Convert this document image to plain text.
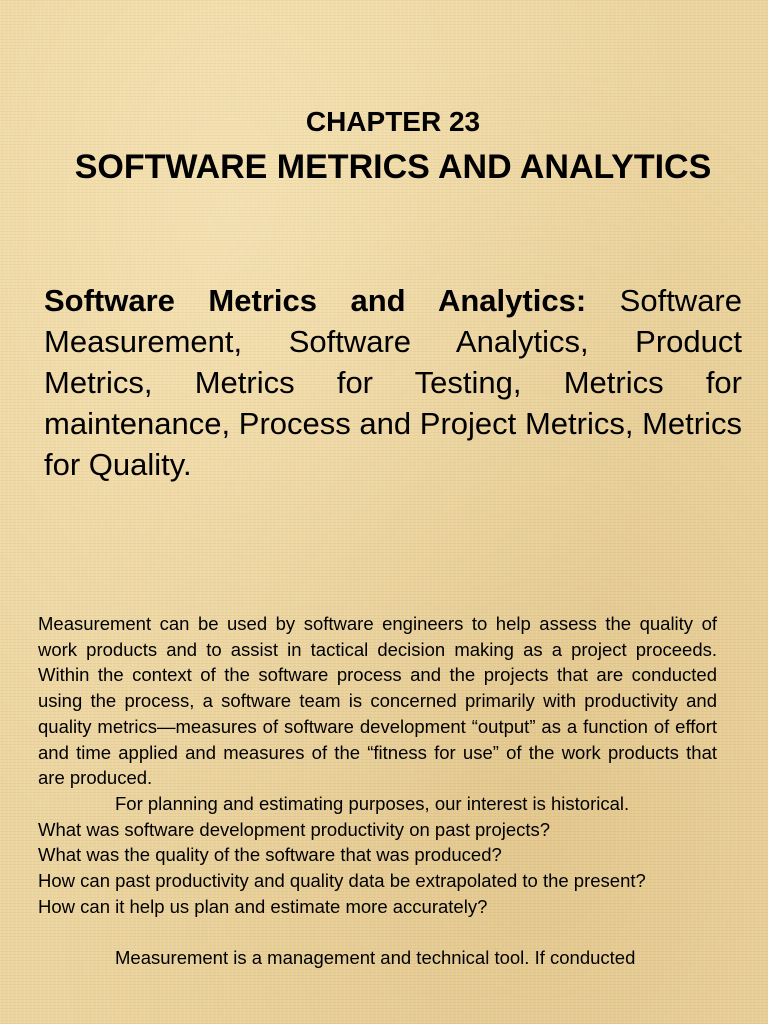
CHAPTER 23
SOFTWARE METRICS AND ANALYTICS
Software Metrics and Analytics: Software Measurement, Software Analytics, Product Metrics, Metrics for Testing, Metrics for maintenance, Process and Project Metrics, Metrics for Quality.

Measurement can be used by software engineers to help assess the quality of work products and to assist in tactical decision making as a project proceeds. Within the context of the software process and the projects that are conducted using the process, a software team is concerned primarily with productivity and quality metrics—measures of software development “output” as a function of effort and time applied and measures of the “fitness for use” of the work products that are produced.

For planning and estimating purposes, our interest is historical.

What was software development productivity on past projects?

What was the quality of the software that was produced?

How can past productivity and quality data be extrapolated to the present?

How can it help us plan and estimate more accurately?

Measurement is a management and technical tool. If conducted
